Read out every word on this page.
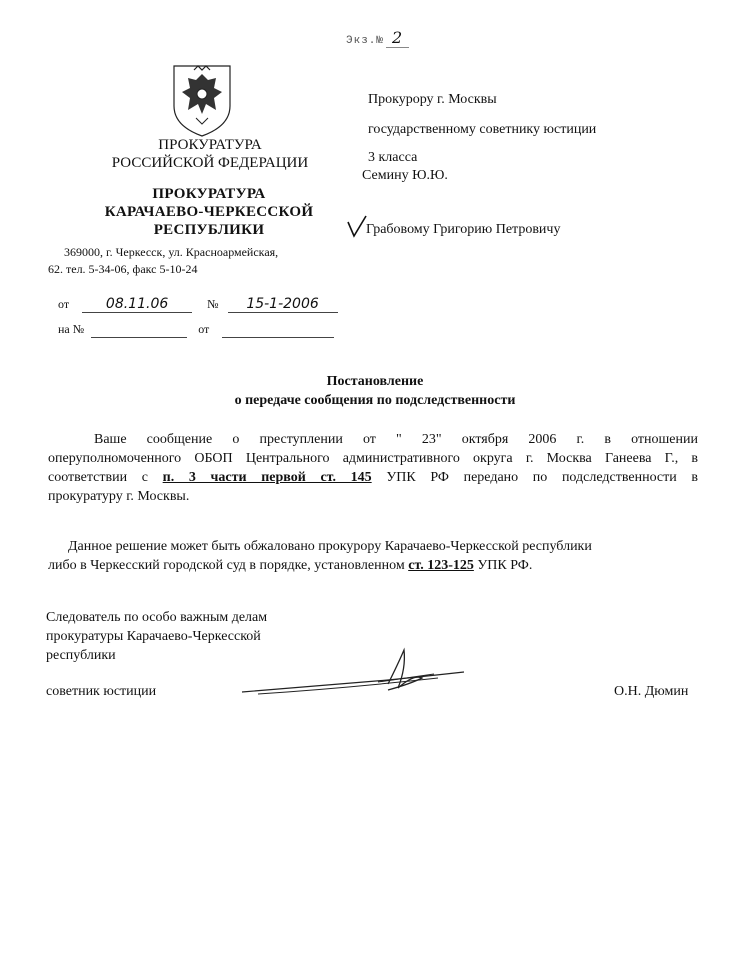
Экз.№ 2
ПРОКУРАТУРА
РОССИЙСКОЙ ФЕДЕРАЦИИ
ПРОКУРАТУРА
КАРАЧАЕВО-ЧЕРКЕССКОЙ
РЕСПУБЛИКИ
369000, г. Черкесск, ул. Красноармейская,
62. тел. 5-34-06, факс 5-10-24
от	08.11.06	№ 15-1-2006
на №	от
Прокурору г. Москвы
государственному советнику юстиции
3 класса
Семину Ю.Ю.
Грабовому Григорию Петровичу
Постановление
о передаче сообщения по подследственности
Ваше сообщение о преступлении от " 23" октября 2006 г. в отношении
оперуполномоченного ОБОП Центрального административного округа г. Москва Ганеева Г., в
соответствии с п. 3 части первой ст. 145 УПК РФ передано по подследственности в
прокуратуру г. Москвы.
Данное решение может быть обжаловано прокурору Карачаево-Черкесской республики
либо в Черкесский городской суд в порядке, установленном ст. 123-125 УПК РФ.
Следователь по особо важным делам
прокуратуры Карачаево-Черкесской
республики
советник юстиции	О.Н. Дюмин
